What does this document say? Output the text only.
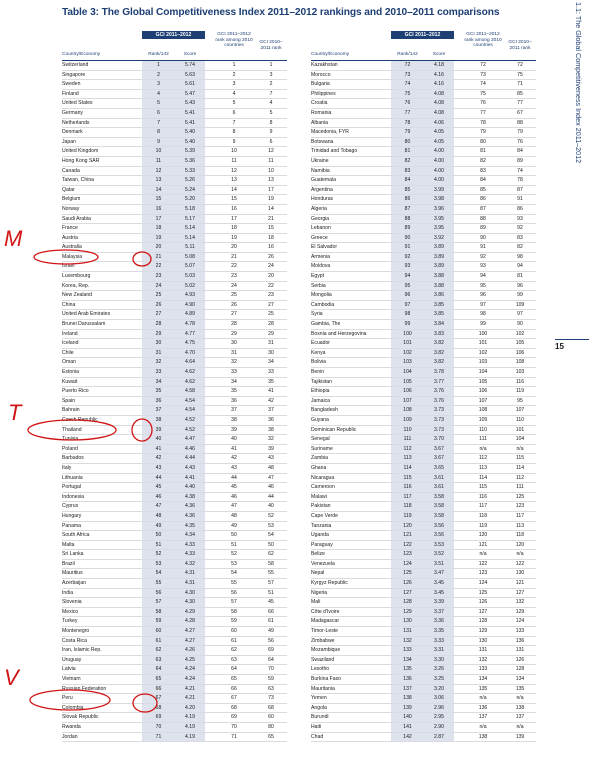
Table 3: The Global Competitiveness Index 2011–2012 rankings and 2010–2011 comparisons	1.1: The Global Competitiveness Index 2011–2012
15
GCI 2011–2012
Country/Economy	Rank/142	Score
GCI 2011–2012 rank among 2010 countries
GCI 2010–2011 rank
Switzerland	1	5.74	1	1
Singapore	2	5.63	2	3
Sweden	3	5.61	3	2
Finland	4	5.47	4	7
United States	5	5.43	5	4
Germany	6	5.41	6	5
Netherlands	7	5.41	7	8
Denmark	8	5.40	8	9
Japan	9	5.40	9	6
United Kingdom	10	5.39	10	12
Hong Kong SAR	11	5.36	11	11
Canada	12	5.33	12	10
Taiwan, China	13	5.26	13	13
Qatar	14	5.24	14	17
Belgium	15	5.20	15	19
Norway	16	5.18	16	14
Saudi Arabia	17	5.17	17	21
France	18	5.14	18	15
Austria	19	5.14	19	18
Australia	20	5.11	20	16
Malaysia	21	5.08	21	26
Israel	22	5.07	22	24
Luxembourg	23	5.03	23	20
Korea, Rep.	24	5.02	24	22
New Zealand	25	4.93	25	23
China	26	4.90	26	27
United Arab Emirates	27	4.89	27	25
Brunei Darussalam	28	4.78	28	28
Ireland	29	4.77	29	29
Iceland	30	4.75	30	31
Chile	31	4.70	31	30
Oman	32	4.64	32	34
Estonia	33	4.62	33	33
Kuwait	34	4.62	34	35
Puerto Rico	35	4.58	35	41
Spain	36	4.54	36	42
Bahrain	37	4.54	37	37
Czech Republic	38	4.52	38	36
Thailand	39	4.52	39	38
Tunisia	40	4.47	40	32
Poland	41	4.46	41	39
Barbados	42	4.44	42	43
Italy	43	4.43	43	48
Lithuania	44	4.41	44	47
Portugal	45	4.40	45	46
Indonesia	46	4.38	46	44
Cyprus	47	4.36	47	40
Hungary	48	4.36	48	52
Panama	49	4.35	49	53
South Africa	50	4.34	50	54
Malta	51	4.33	51	50
Sri Lanka	52	4.33	52	62
Brazil	53	4.32	53	58
Mauritius	54	4.31	54	55
Azerbaijan	55	4.31	55	57
India	56	4.30	56	51
Slovenia	57	4.30	57	45
Mexico	58	4.29	58	66
Turkey	59	4.28	59	61
Montenegro	60	4.27	60	49
Costa Rica	61	4.27	61	56
Iran, Islamic Rep.	62	4.26	62	69
Uruguay	63	4.25	63	64
Latvia	64	4.24	64	70
Vietnam	65	4.24	65	59
Russian Federation	66	4.21	66	63
Peru	67	4.21	67	73
Colombia	68	4.20	68	68
Slovak Republic	69	4.19	69	60
Rwanda	70	4.19	70	80
Jordan	71	4.19	71	65
GCI 2011–2012
Country/Economy	Rank/142	Score
GCI 2011–2012 rank among 2010 countries
GCI 2010–2011 rank
Kazakhstan	72	4.18	72	72
Morocco	73	4.16	73	75
Bulgaria	74	4.16	74	71
Philippines	75	4.08	75	85
Croatia	76	4.08	76	77
Romania	77	4.08	77	67
Albania	78	4.06	78	88
Macedonia, FYR	79	4.05	79	79
Botswana	80	4.05	80	76
Trinidad and Tobago	81	4.00	81	84
Ukraine	82	4.00	82	89
Namibia	83	4.00	83	74
Guatemala	84	4.00	84	78
Argentina	85	3.99	85	87
Honduras	86	3.98	86	91
Algeria	87	3.96	87	86
Georgia	88	3.95	88	93
Lebanon	89	3.95	89	92
Greece	90	3.92	90	83
El Salvador	91	3.89	91	82
Armenia	92	3.89	92	98
Moldova	93	3.89	93	94
Egypt	94	3.88	94	81
Serbia	95	3.88	95	96
Mongolia	96	3.86	96	99
Cambodia	97	3.85	97	109
Syria	98	3.85	98	97
Gambia, The	99	3.84	99	90
Bosnia and Herzegovina	100	3.83	100	102
Ecuador	101	3.82	101	105
Kenya	102	3.82	102	106
Bolivia	103	3.82	103	108
Benin	104	3.78	104	103
Tajikistan	105	3.77	105	116
Ethiopia	106	3.76	106	119
Jamaica	107	3.76	107	95
Bangladesh	108	3.73	108	107
Guyana	109	3.73	109	110
Dominican Republic	110	3.73	110	101
Senegal	111	3.70	111	104
Suriname	112	3.67	n/a	n/a
Zambia	113	3.67	112	115
Ghana	114	3.65	113	114
Nicaragua	115	3.61	114	112
Cameroon	116	3.61	115	111
Malawi	117	3.58	116	125
Pakistan	118	3.58	117	123
Cape Verde	119	3.58	118	117
Tanzania	120	3.56	119	113
Uganda	121	3.56	120	118
Paraguay	122	3.53	121	120
Belize	123	3.52	n/a	n/a
Venezuela	124	3.51	122	122
Nepal	125	3.47	123	130
Kyrgyz Republic	126	3.45	124	121
Nigeria	127	3.45	125	127
Mali	128	3.39	126	132
Côte d'Ivoire	129	3.37	127	129
Madagascar	130	3.36	128	124
Timor-Leste	131	3.35	129	133
Zimbabwe	132	3.33	130	136
Mozambique	133	3.31	131	131
Swaziland	134	3.30	132	126
Lesotho	135	3.26	133	128
Burkina Faso	136	3.25	134	134
Mauritania	137	3.20	135	135
Yemen	138	3.06	n/a	n/a
Angola	139	2.96	136	138
Burundi	140	2.95	137	137
Haiti	141	2.90	n/a	n/a
Chad	142	2.87	138	139
M
T
V
